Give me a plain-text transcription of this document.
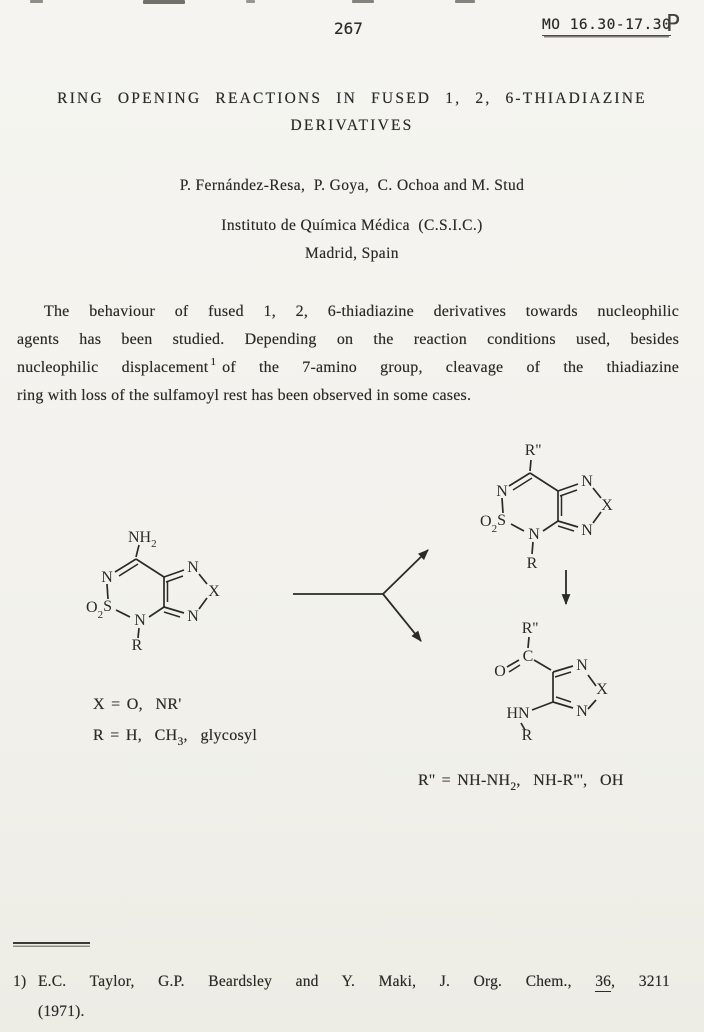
267	MO 16.30-17.30
P
RING OPENING REACTIONS IN FUSED 1, 2, 6-THIADIAZINE
DERIVATIVES
P. Fernández-Resa,  P. Goya,  C. Ochoa and M. Stud
Instituto de Química Médica  (C.S.I.C.)
Madrid, Spain
The behaviour of fused 1, 2, 6-thiadiazine derivatives towards nucleophilic
agents has been studied. Depending on the reaction conditions used, besides
nucleophilic displacement $^1$ of the 7-amino group, cleavage of the thiadiazine
ring with loss of the sulfamoyl rest has been observed in some cases.
$NH_2$
N
$O_2S$
N
R
N
X
N
R''
N
$O_2S$
N
R
N
X
N
R''
C
O	N
X
N
HN
R
X = O,  NR'
R = H,  $CH_3$,  glycosyl
$R'' = NH-NH_2$,  NH-R''',  OH
1) E.C. Taylor, G.P. Beardsley and Y. Maki, J. Org. Chem., 36, 3211
(1971).
